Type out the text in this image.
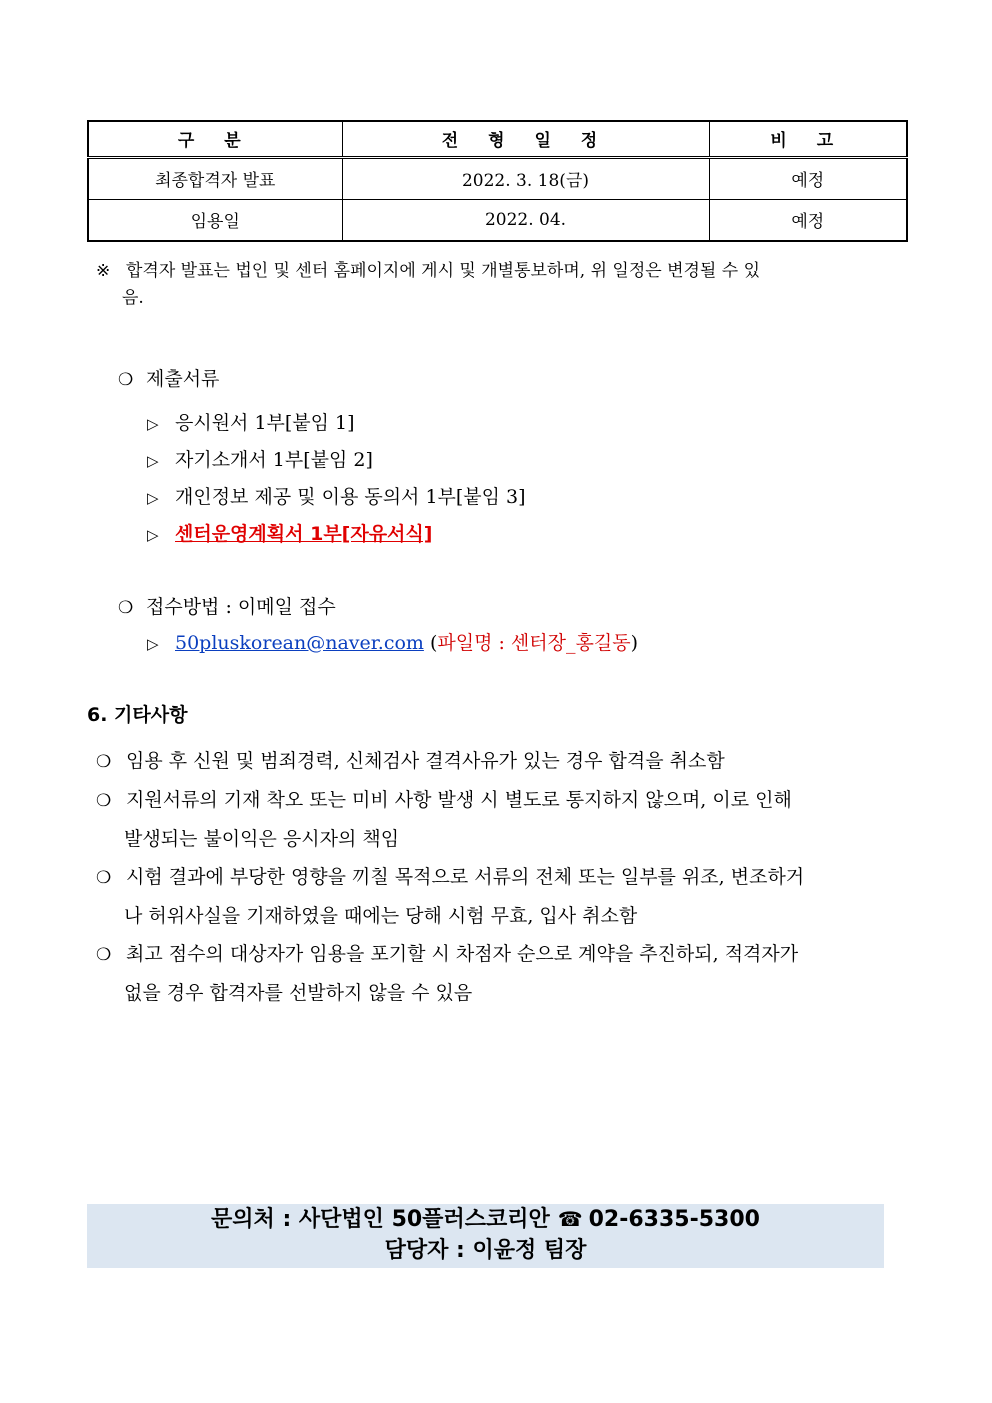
구 분	전 형 일 정	비 고
최종합격자 발표	2022. 3. 18(금)	예정
임용일	2022. 04.	예정
※ 합격자 발표는 법인 및 센터 홈페이지에 게시 및 개별통보하며, 위 일정은 변경될 수 있
음.
❍ 제출서류
▷ 응시원서 1부[붙임 1]
▷ 자기소개서 1부[붙임 2]
▷ 개인정보 제공 및 이용 동의서 1부[붙임 3]
▷ 센터운영계획서 1부[자유서식]
❍ 접수방법 : 이메일 접수
▷ 50pluskorean@naver.com (파일명 : 센터장_홍길동)
6. 기타사항
❍ 임용 후 신원 및 범죄경력, 신체검사 결격사유가 있는 경우 합격을 취소함
❍ 지원서류의 기재 착오 또는 미비 사항 발생 시 별도로 통지하지 않으며, 이로 인해
발생되는 불이익은 응시자의 책임
❍ 시험 결과에 부당한 영향을 끼칠 목적으로 서류의 전체 또는 일부를 위조, 변조하거
나 허위사실을 기재하였을 때에는 당해 시험 무효, 입사 취소함
❍ 최고 점수의 대상자가 임용을 포기할 시 차점자 순으로 계약을 추진하되, 적격자가
없을 경우 합격자를 선발하지 않을 수 있음
문의처 : 사단법인 50플러스코리안 ☎ 02-6335-5300
담당자 : 이윤정 팀장
